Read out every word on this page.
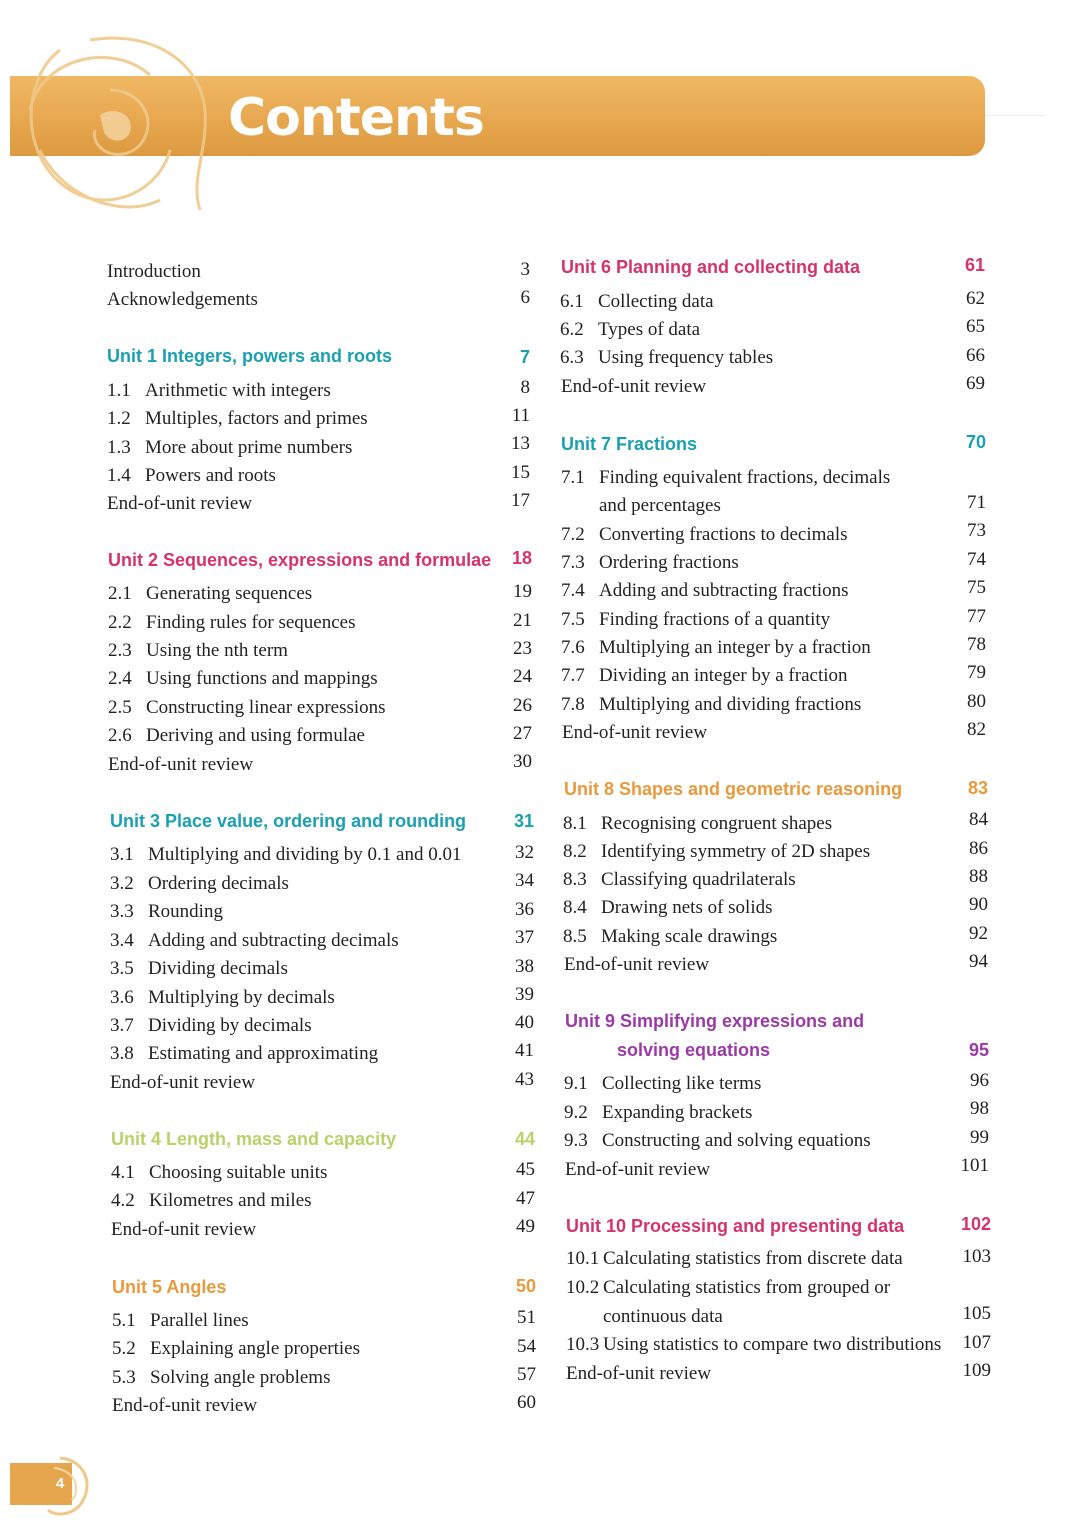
Contents
Introduction	3
Acknowledgements	6
Unit 1 Integers, powers and roots	7
1.1 Arithmetic with integers	8
1.2 Multiples, factors and primes	11
1.3 More about prime numbers	13
1.4 Powers and roots	15
End-of-unit review	17
Unit 2 Sequences, expressions and formulae	18
2.1 Generating sequences	19
2.2 Finding rules for sequences	21
2.3 Using the nth term	23
2.4 Using functions and mappings	24
2.5 Constructing linear expressions	26
2.6 Deriving and using formulae	27
End-of-unit review	30
Unit 3 Place value, ordering and rounding	31
3.1 Multiplying and dividing by 0.1 and 0.01	32
3.2 Ordering decimals	34
3.3 Rounding	36
3.4 Adding and subtracting decimals	37
3.5 Dividing decimals	38
3.6 Multiplying by decimals	39
3.7 Dividing by decimals	40
3.8 Estimating and approximating	41
End-of-unit review	43
Unit 4 Length, mass and capacity	44
4.1 Choosing suitable units	45
4.2 Kilometres and miles	47
End-of-unit review	49
Unit 5 Angles	50
5.1 Parallel lines	51
5.2 Explaining angle properties	54
5.3 Solving angle problems	57
End-of-unit review	60
Unit 6 Planning and collecting data	61
6.1 Collecting data	62
6.2 Types of data	65
6.3 Using frequency tables	66
End-of-unit review	69
Unit 7 Fractions	70
7.1 Finding equivalent fractions, decimals
and percentages	71
7.2 Converting fractions to decimals	73
7.3 Ordering fractions	74
7.4 Adding and subtracting fractions	75
7.5 Finding fractions of a quantity	77
7.6 Multiplying an integer by a fraction	78
7.7 Dividing an integer by a fraction	79
7.8 Multiplying and dividing fractions	80
End-of-unit review	82
Unit 8 Shapes and geometric reasoning	83
8.1 Recognising congruent shapes	84
8.2 Identifying symmetry of 2D shapes	86
8.3 Classifying quadrilaterals	88
8.4 Drawing nets of solids	90
8.5 Making scale drawings	92
End-of-unit review	94
Unit 9 Simplifying expressions and
solving equations	95
9.1 Collecting like terms	96
9.2 Expanding brackets	98
9.3 Constructing and solving equations	99
End-of-unit review	101
Unit 10 Processing and presenting data	102
10.1 Calculating statistics from discrete data	103
10.2 Calculating statistics from grouped or
continuous data	105
10.3 Using statistics to compare two distributions	107
End-of-unit review	109
4
